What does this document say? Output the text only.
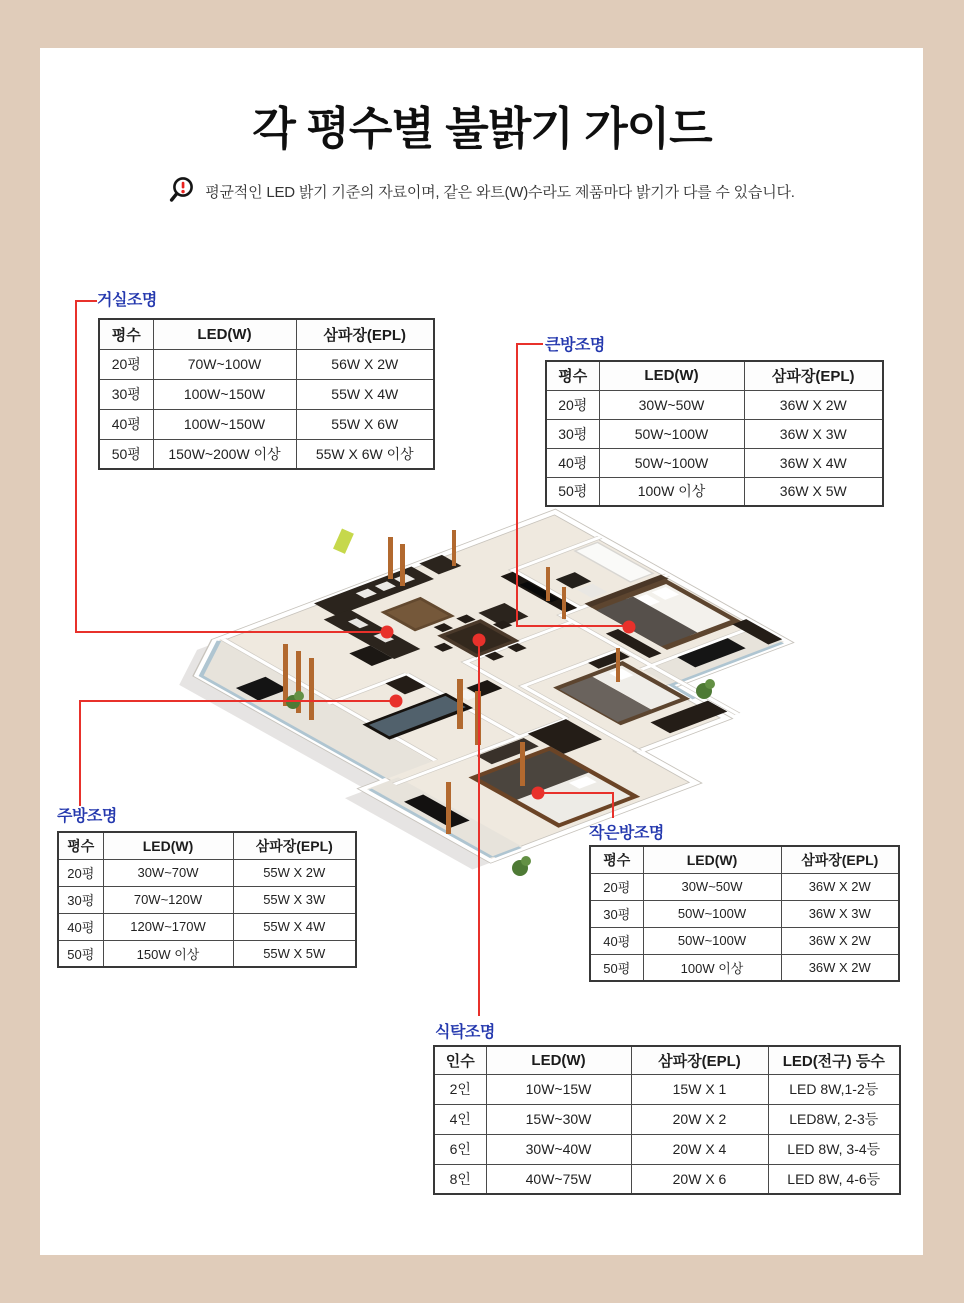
각 평수별 불밝기 가이드
평균적인 LED 밝기 기준의 자료이며, 같은 와트(W)수라도 제품마다 밝기가 다를 수 있습니다.
거실조명
평수	LED(W)	삼파장(EPL)
20평	70W~100W	56W X 2W
30평	100W~150W	55W X 4W
40평	100W~150W	55W X 6W
50평	150W~200W 이상	55W X 6W 이상
큰방조명
평수	LED(W)	삼파장(EPL)
20평	30W~50W	36W X 2W
30평	50W~100W	36W X 3W
40평	50W~100W	36W X 4W
50평	100W 이상	36W X 5W
주방조명
평수	LED(W)	삼파장(EPL)
20평	30W~70W	55W X 2W
30평	70W~120W	55W X 3W
40평	120W~170W	55W X 4W
50평	150W 이상	55W X 5W
작은방조명
평수	LED(W)	삼파장(EPL)
20평	30W~50W	36W X 2W
30평	50W~100W	36W X 3W
40평	50W~100W	36W X 2W
50평	100W 이상	36W X 2W
식탁조명
인수	LED(W)	삼파장(EPL)	LED(전구) 등수
2인	10W~15W	15W X 1	LED 8W,1-2등
4인	15W~30W	20W X 2	LED8W, 2-3등
6인	30W~40W	20W X 4	LED 8W, 3-4등
8인	40W~75W	20W X 6	LED 8W, 4-6등
